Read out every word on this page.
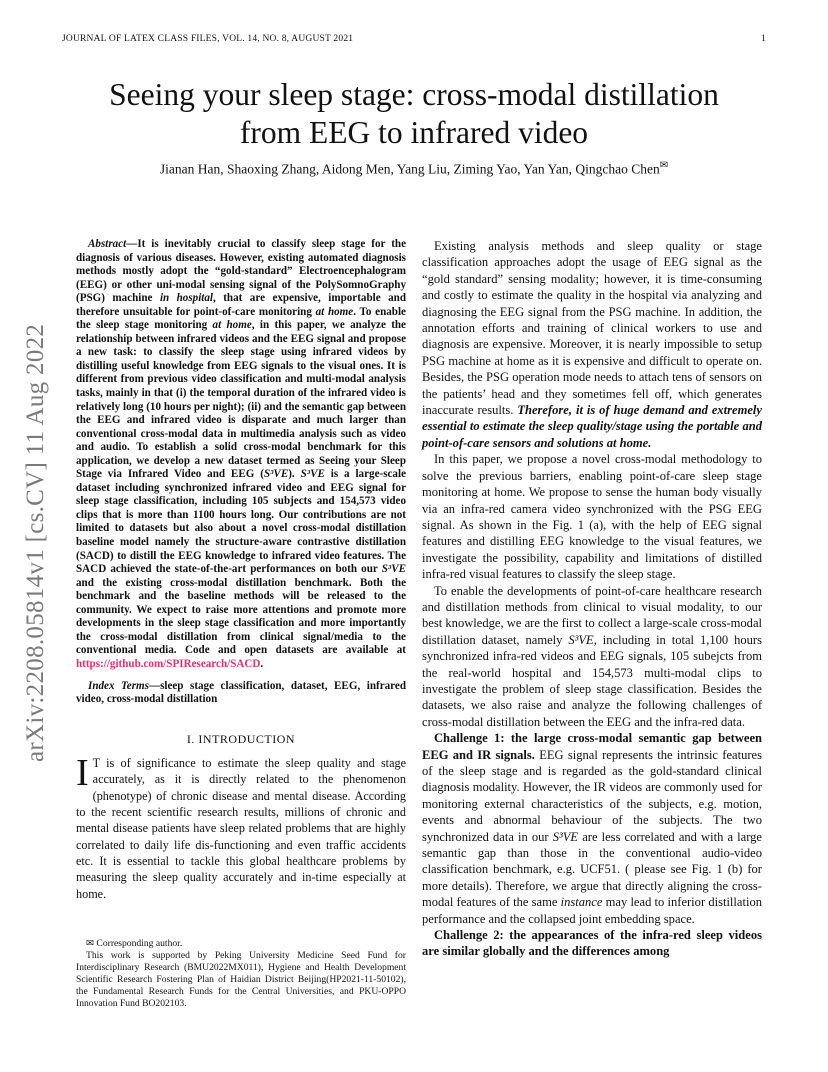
JOURNAL OF LATEX CLASS FILES, VOL. 14, NO. 8, AUGUST 2021	1
arXiv:2208.05814v1 [cs.CV] 11 Aug 2022
Seeing your sleep stage: cross-modal distillation
from EEG to infrared video
Jianan Han, Shaoxing Zhang, Aidong Men, Yang Liu, Ziming Yao, Yan Yan, Qingchao Chen✉

Abstract—It is inevitably crucial to classify sleep stage for the diagnosis of various diseases. However, existing automated diagnosis methods mostly adopt the “gold-standard” Electroencephalogram (EEG) or other uni-modal sensing signal of the PolySomnoGraphy (PSG) machine in hospital, that are expensive, importable and therefore unsuitable for point-of-care monitoring at home. To enable the sleep stage monitoring at home, in this paper, we analyze the relationship between infrared videos and the EEG signal and propose a new task: to classify the sleep stage using infrared videos by distilling useful knowledge from EEG signals to the visual ones. It is different from previous video classification and multi-modal analysis tasks, mainly in that (i) the temporal duration of the infrared video is relatively long (10 hours per night); (ii) and the semantic gap between the EEG and infrared video is disparate and much larger than conventional cross-modal data in multimedia analysis such as video and audio. To establish a solid cross-modal benchmark for this application, we develop a new dataset termed as Seeing your Sleep Stage via Infrared Video and EEG (S³VE). S³VE is a large-scale dataset including synchronized infrared video and EEG signal for sleep stage classification, including 105 subjects and 154,573 video clips that is more than 1100 hours long. Our contributions are not limited to datasets but also about a novel cross-modal distillation baseline model namely the structure-aware contrastive distillation (SACD) to distill the EEG knowledge to infrared video features. The SACD achieved the state-of-the-art performances on both our S³VE and the existing cross-modal distillation benchmark. Both the benchmark and the baseline methods will be released to the community. We expect to raise more attentions and promote more developments in the sleep stage classification and more importantly the cross-modal distillation from clinical signal/media to the conventional media. Code and open datasets are available at https://github.com/SPIResearch/SACD.

Index Terms—sleep stage classification, dataset, EEG, infrared video, cross-modal distillation

I. INTRODUCTION

I T is of significance to estimate the sleep quality and stage accurately, as it is directly related to the phenomenon (phenotype) of chronic disease and mental disease. According to the recent scientific research results, millions of chronic and mental disease patients have sleep related problems that are highly correlated to daily life dis-functioning and even traffic accidents etc. It is essential to tackle this global healthcare problems by measuring the sleep quality accurately and in-time especially at home.

✉ Corresponding author.

This work is supported by Peking University Medicine Seed Fund for Interdisciplinary Research (BMU2022MX011), Hygiene and Health Development Scientific Research Fostering Plan of Haidian District Beijing(HP2021-11-50102), the Fundamental Research Funds for the Central Universities, and PKU-OPPO Innovation Fund BO202103.

Existing analysis methods and sleep quality or stage classification approaches adopt the usage of EEG signal as the “gold standard” sensing modality; however, it is time-consuming and costly to estimate the quality in the hospital via analyzing and diagnosing the EEG signal from the PSG machine. In addition, the annotation efforts and training of clinical workers to use and diagnosis are expensive. Moreover, it is nearly impossible to setup PSG machine at home as it is expensive and difficult to operate on. Besides, the PSG operation mode needs to attach tens of sensors on the patients’ head and they sometimes fell off, which generates inaccurate results. Therefore, it is of huge demand and extremely essential to estimate the sleep quality/stage using the portable and point-of-care sensors and solutions at home.

In this paper, we propose a novel cross-modal methodology to solve the previous barriers, enabling point-of-care sleep stage monitoring at home. We propose to sense the human body visually via an infra-red camera video synchronized with the PSG EEG signal. As shown in the Fig. 1 (a), with the help of EEG signal features and distilling EEG knowledge to the visual features, we investigate the possibility, capability and limitations of distilled infra-red visual features to classify the sleep stage.

To enable the developments of point-of-care healthcare research and distillation methods from clinical to visual modality, to our best knowledge, we are the first to collect a large-scale cross-modal distillation dataset, namely S³VE, including in total 1,100 hours synchronized infra-red videos and EEG signals, 105 subejcts from the real-world hospital and 154,573 multi-modal clips to investigate the problem of sleep stage classification. Besides the datasets, we also raise and analyze the following challenges of cross-modal distillation between the EEG and the infra-red data.

Challenge 1: the large cross-modal semantic gap between EEG and IR signals. EEG signal represents the intrinsic features of the sleep stage and is regarded as the gold-standard clinical diagnosis modality. However, the IR videos are commonly used for monitoring external characteristics of the subjects, e.g. motion, events and abnormal behaviour of the subjects. The two synchronized data in our S³VE are less correlated and with a large semantic gap than those in the conventional audio-video classification benchmark, e.g. UCF51. ( please see Fig. 1 (b) for more details). Therefore, we argue that directly aligning the cross-modal features of the same instance may lead to inferior distillation performance and the collapsed joint embedding space.

Challenge 2: the appearances of the infra-red sleep videos are similar globally and the differences among
